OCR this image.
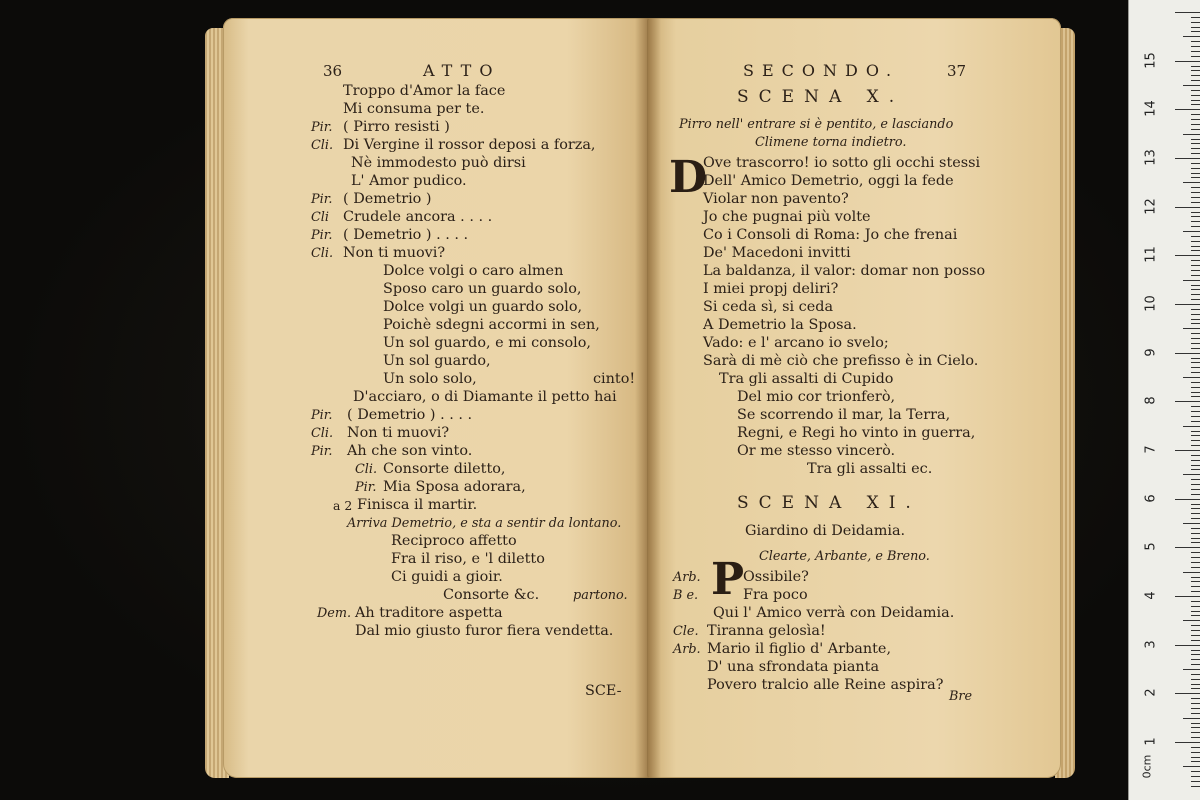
36	ATTO
Troppo d'Amor la face
Mi consuma per te.
Pir. ( Pirro resisti )
Cli. Di Vergine il rossor deposi a forza,
Nè immodesto può dirsi
L' Amor pudico.
Pir. ( Demetrio )
Cli Crudele ancora . . . .
Pir. ( Demetrio ) . . . .
Cli. Non ti muovi?
Dolce volgi o caro almen
Sposo caro un guardo solo,
Dolce volgi un guardo solo,
Poichè sdegni accormi in sen,
Un sol guardo, e mi consolo,
Un sol guardo,
Un solo solo,	cinto!
D'acciaro, o di Diamante il petto hai
Pir. ( Demetrio ) . . . .
Cli. Non ti muovi?
Pir. Ah che son vinto.
Cli. Consorte diletto,
Pir. Mia Sposa adorara,
a 2 Finisca il martir.
Arriva Demetrio, e sta a sentir da lontano.
Reciproco affetto
Fra il riso, e 'l diletto
Ci guidi a gioir.
Consorte &c.	partono.
Dem. Ah traditore aspetta
Dal mio giusto furor fiera vendetta.
SCE-
SECONDO.	37
SCENA X.
Pirro nell' entrare si è pentito, e lasciando
Climene torna indietro.
D
Ove trascorro! io sotto gli occhi stessi
Dell' Amico Demetrio, oggi la fede
Violar non pavento?
Jo che pugnai più volte
Co i Consoli di Roma: Jo che frenai
De' Macedoni invitti
La baldanza, il valor: domar non posso
I miei propj deliri?
Si ceda sì, si ceda
A Demetrio la Sposa.
Vado: e l' arcano io svelo;
Sarà di mè ciò che prefisso è in Cielo.
Tra gli assalti di Cupido
Del mio cor trionferò,
Se scorrendo il mar, la Terra,
Regni, e Regi ho vinto in guerra,
Or me stesso vincerò.
Tra gli assalti ec.
SCENA XI.
Giardino di Deidamia.
Clearte, Arbante, e Breno.
Arb. P
Ossibile?
B e.	Fra poco
Qui l' Amico verrà con Deidamia.
Cle. Tiranna gelosìa!
Arb. Mario il figlio d' Arbante,
D' una sfrondata pianta
Povero tralcio alle Reine aspira?
Bre
0cm
15
14
13
12
11
10
9
8
7
6
5
4
3
2
1
